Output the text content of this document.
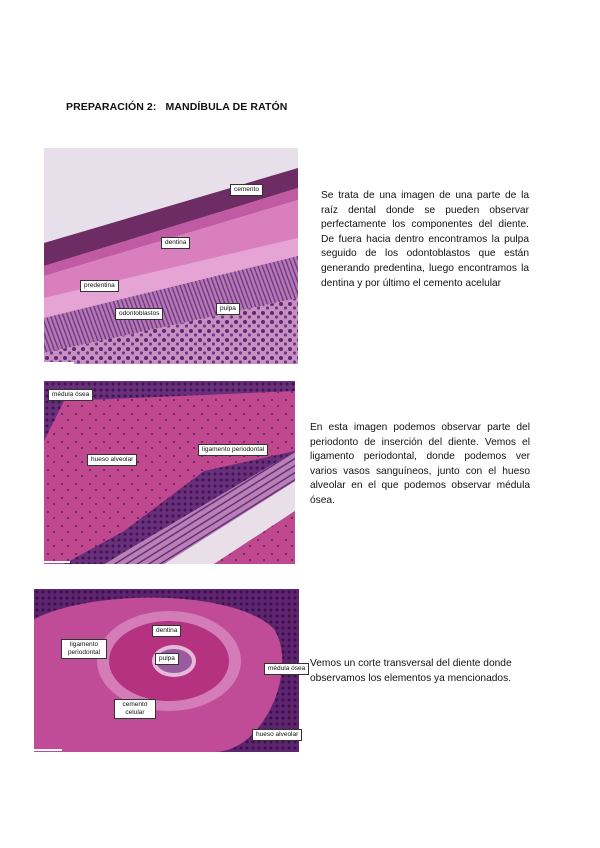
PREPARACIÓN 2:   MANDÍBULA DE RATÓN
cemento
dentina
predentina
odontoblastos
pulpa
Se trata de una imagen de una parte de la raíz dental donde se pueden observar perfectamente los componentes del diente. De fuera hacia dentro encontramos la pulpa seguido de los odontoblastos que están generando predentina, luego encontramos la dentina y por último el cemento acelular
médula ósea
hueso alveolar
ligamento periodontal
En esta imagen podemos observar parte del periodonto de inserción del diente. Vemos el ligamento periodontal, donde podemos ver varios vasos sanguíneos, junto con el hueso alveolar en el que podemos observar médula ósea.
dentina
ligamento periodontal
pulpa
médula ósea
cemento celular
hueso alveolar
Vemos un corte transversal del diente donde observamos los elementos ya mencionados.
